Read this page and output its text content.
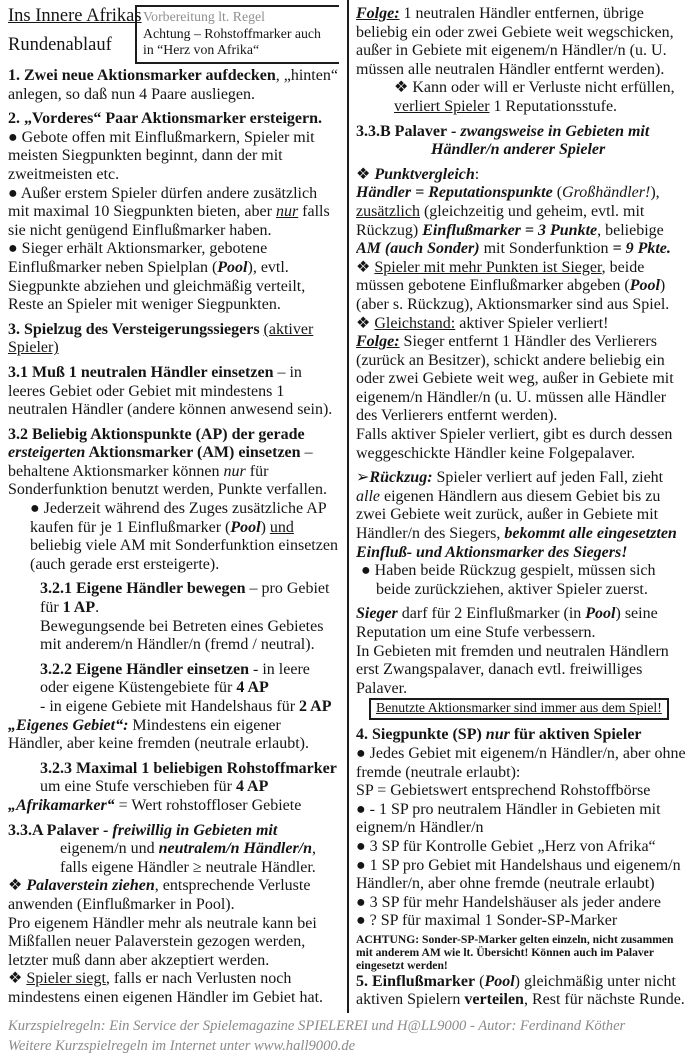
Ins Innere Afrikas
Rundenablauf
Vorbereitung lt. Regel
Achtung – Rohstoffmarker auch
in “Herz von Afrika“
1. Zwei neue Aktionsmarker aufdecken, „hinten“ anlegen, so daß nun 4 Paare ausliegen.
2. „Vorderes“ Paar Aktionsmarker ersteigern.
● Gebote offen mit Einflußmarkern, Spieler mit meisten Siegpunkten beginnt, dann der mit zweitmeisten etc.
● Außer erstem Spieler dürfen andere zusätzlich mit maximal 10 Siegpunkten bieten, aber nur falls sie nicht genügend Einflußmarker haben.
● Sieger erhält Aktionsmarker, gebotene Einflußmarker neben Spielplan (Pool), evtl. Siegpunkte abziehen und gleichmäßig verteilt, Reste an Spieler mit weniger Siegpunkten.
3. Spielzug des Versteigerungssiegers (aktiver Spieler)
3.1 Muß 1 neutralen Händler einsetzen – in leeres Gebiet oder Gebiet mit mindestens 1 neutralen Händler (andere können anwesend sein).
3.2 Beliebig Aktionspunkte (AP) der gerade ersteigerten Aktionsmarker (AM) einsetzen – behaltene Aktionsmarker können nur für Sonderfunktion benutzt werden, Punkte verfallen.
● Jederzeit während des Zuges zusätzliche AP kaufen für je 1 Einflußmarker (Pool) und beliebig viele AM mit Sonderfunktion einsetzen (auch gerade erst ersteigerte).
3.2.1 Eigene Händler bewegen – pro Gebiet für 1 AP.
Bewegungsende bei Betreten eines Gebietes mit anderem/n Händler/n (fremd / neutral).
3.2.2 Eigene Händler einsetzen - in leere oder eigene Küstengebiete für 4 AP
- in eigene Gebiete mit Handelshaus für 2 AP
„Eigenes Gebiet“: Mindestens ein eigener Händler, aber keine fremden (neutrale erlaubt).
3.2.3 Maximal 1 beliebigen Rohstoffmarker um eine Stufe verschieben für 4 AP
„Afrikamarker“ = Wert rohstoffloser Gebiete
3.3.A Palaver - freiwillig in Gebieten mit
eigenem/n und neutralem/n Händler/n,
falls eigene Händler ≥ neutrale Händler.
❖ Palaverstein ziehen, entsprechende Verluste anwenden (Einflußmarker in Pool).
Pro eigenem Händler mehr als neutrale kann bei Mißfallen neuer Palaverstein gezogen werden, letzter muß dann aber akzeptiert werden.
❖ Spieler siegt, falls er nach Verlusten noch mindestens einen eigenen Händler im Gebiet hat.
Folge: 1 neutralen Händler entfernen, übrige beliebig ein oder zwei Gebiete weit wegschicken, außer in Gebiete mit eigenem/n Händler/n (u. U. müssen alle neutralen Händler entfernt werden).
❖ Kann oder will er Verluste nicht erfüllen, verliert Spieler 1 Reputationsstufe.
3.3.B Palaver - zwangsweise in Gebieten mit
Händler/n anderer Spieler
❖ Punktvergleich:
Händler = Reputationspunkte (Großhändler!), zusätzlich (gleichzeitig und geheim, evtl. mit Rückzug) Einflußmarker = 3 Punkte, beliebige AM (auch Sonder) mit Sonderfunktion = 9 Pkte.
❖ Spieler mit mehr Punkten ist Sieger, beide müssen gebotene Einflußmarker abgeben (Pool) (aber s. Rückzug), Aktionsmarker sind aus Spiel.
❖ Gleichstand: aktiver Spieler verliert!
Folge: Sieger entfernt 1 Händler des Verlierers (zurück an Besitzer), schickt andere beliebig ein oder zwei Gebiete weit weg, außer in Gebiete mit eigenem/n Händler/n (u. U. müssen alle Händler des Verlierers entfernt werden).
Falls aktiver Spieler verliert, gibt es durch dessen weggeschickte Händler keine Folgepalaver.
➢Rückzug: Spieler verliert auf jeden Fall, zieht alle eigenen Händlern aus diesem Gebiet bis zu zwei Gebiete weit zurück, außer in Gebiete mit Händler/n des Siegers, bekommt alle eingesetzten Einfluß- und Aktionsmarker des Siegers!
● Haben beide Rückzug gespielt, müssen sich beide zurückziehen, aktiver Spieler zuerst.
Sieger darf für 2 Einflußmarker (in Pool) seine Reputation um eine Stufe verbessern.
In Gebieten mit fremden und neutralen Händlern erst Zwangspalaver, danach evtl. freiwilliges
Palaver.Benutzte Aktionsmarker sind immer aus dem Spiel!
4. Siegpunkte (SP) nur für aktiven Spieler
● Jedes Gebiet mit eigenem/n Händler/n, aber ohne fremde (neutrale erlaubt):
SP = Gebietswert entsprechend Rohstoffbörse
● - 1 SP pro neutralem Händler in Gebieten mit eignem/n Händler/n
● 3 SP für Kontrolle Gebiet „Herz von Afrika“
● 1 SP pro Gebiet mit Handelshaus und eigenem/n Händler/n, aber ohne fremde (neutrale erlaubt)
● 3 SP für mehr Handelshäuser als jeder andere
● ? SP für maximal 1 Sonder-SP-Marker
ACHTUNG: Sonder-SP-Marker gelten einzeln, nicht zusammen mit anderem AM wie lt. Übersicht! Können auch im Palaver eingesetzt werden!
5. Einflußmarker (Pool) gleichmäßig unter nicht aktiven Spielern verteilen, Rest für nächste Runde.
Kurzspielregeln: Ein Service der Spielemagazine SPIELEREI und H@LL9000 - Autor: Ferdinand Köther
Weitere Kurzspielregeln im Internet unter www.hall9000.de
